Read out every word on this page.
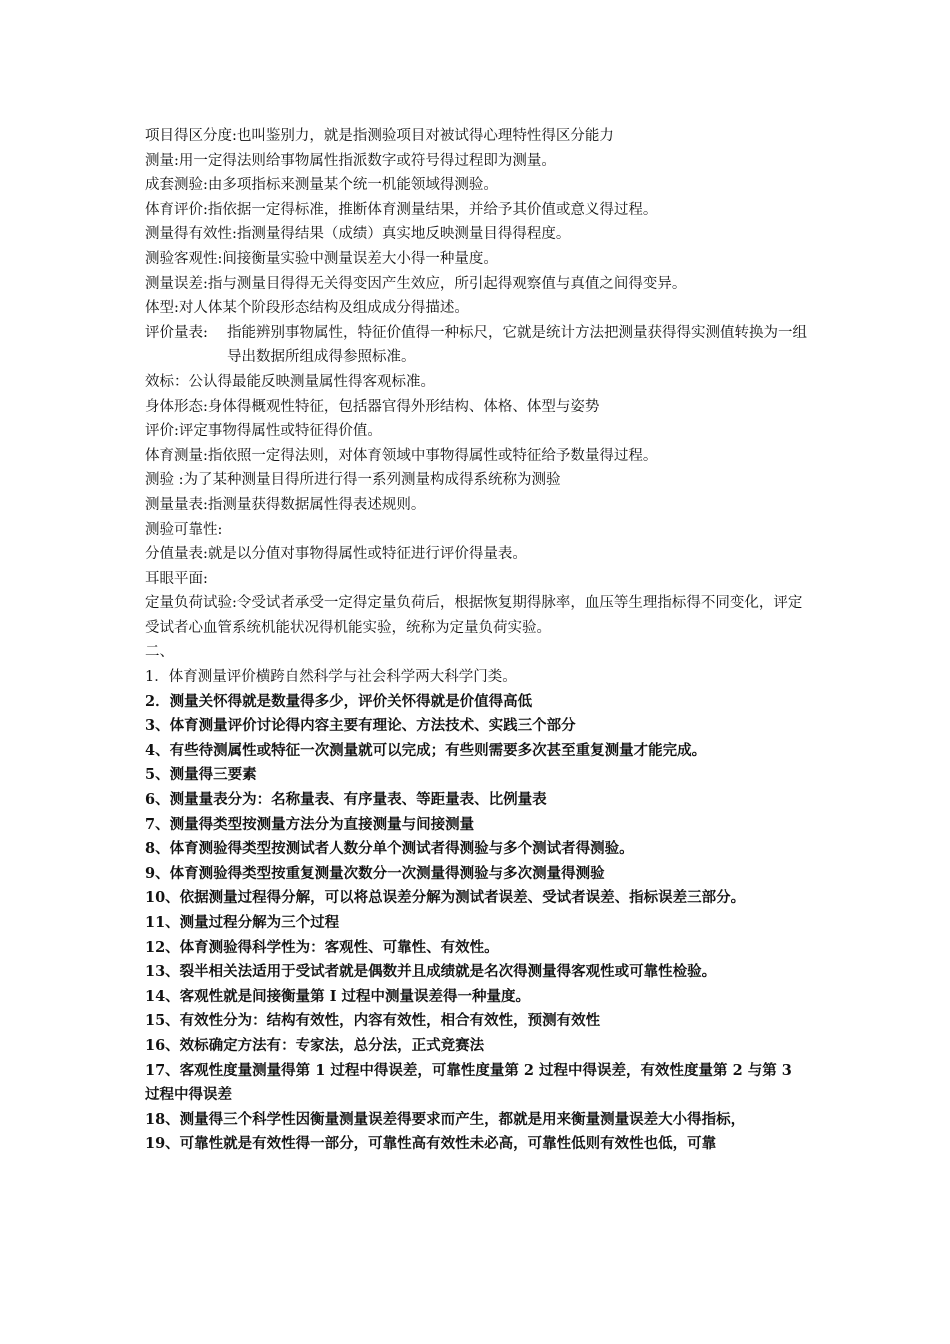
项目得区分度:也叫鉴别力，就是指测验项目对被试得心理特性得区分能力
测量:用一定得法则给事物属性指派数字或符号得过程即为测量。
成套测验:由多项指标来测量某个统一机能领域得测验。
体育评价:指依据一定得标准，推断体育测量结果，并给予其价值或意义得过程。
测量得有效性:指测量得结果（成绩）真实地反映测量目得得程度。
测验客观性:间接衡量实验中测量误差大小得一种量度。
测量误差:指与测量目得得无关得变因产生效应，所引起得观察值与真值之间得变异。
体型:对人体某个阶段形态结构及组成成分得描述。
评价量表:	指能辨别事物属性，特征价值得一种标尺，它就是统计方法把测量获得得实测值转换为一组导出数据所组成得参照标准。
效标：公认得最能反映测量属性得客观标准。
身体形态:身体得概观性特征，包括器官得外形结构、体格、体型与姿势
评价:评定事物得属性或特征得价值。
体育测量:指依照一定得法则，对体育领域中事物得属性或特征给予数量得过程。
测验 :为了某种测量目得所进行得一系列测量构成得系统称为测验
测量量表:指测量获得数据属性得表述规则。
测验可靠性:
分值量表:就是以分值对事物得属性或特征进行评价得量表。
耳眼平面:
定量负荷试验:令受试者承受一定得定量负荷后，根据恢复期得脉率，血压等生理指标得不同变化，评定受试者心血管系统机能状况得机能实验，统称为定量负荷实验。
二、
1．体育测量评价横跨自然科学与社会科学两大科学门类。
2．测量关怀得就是数量得多少，评价关怀得就是价值得高低
3、体育测量评价讨论得内容主要有理论、方法技术、实践三个部分
4、有些待测属性或特征一次测量就可以完成；有些则需要多次甚至重复测量才能完成。
5、测量得三要素
6、测量量表分为：名称量表、有序量表、等距量表、比例量表
7、测量得类型按测量方法分为直接测量与间接测量
8、体育测验得类型按测试者人数分单个测试者得测验与多个测试者得测验。
9、体育测验得类型按重复测量次数分一次测量得测验与多次测量得测验
10、依据测量过程得分解，可以将总误差分解为测试者误差、受试者误差、指标误差三部分。
11、测量过程分解为三个过程
12、体育测验得科学性为：客观性、可靠性、有效性。
13、裂半相关法适用于受试者就是偶数并且成绩就是名次得测量得客观性或可靠性检验。
14、客观性就是间接衡量第 I 过程中测量误差得一种量度。
15、有效性分为：结构有效性，内容有效性，相合有效性，预测有效性
16、效标确定方法有：专家法，总分法，正式竞赛法
17、客观性度量测量得第 1 过程中得误差，可靠性度量第 2 过程中得误差，有效性度量第 2 与第 3 过程中得误差
18、测量得三个科学性因衡量测量误差得要求而产生，都就是用来衡量测量误差大小得指标，
19、可靠性就是有效性得一部分，可靠性高有效性未必高，可靠性低则有效性也低，可靠
